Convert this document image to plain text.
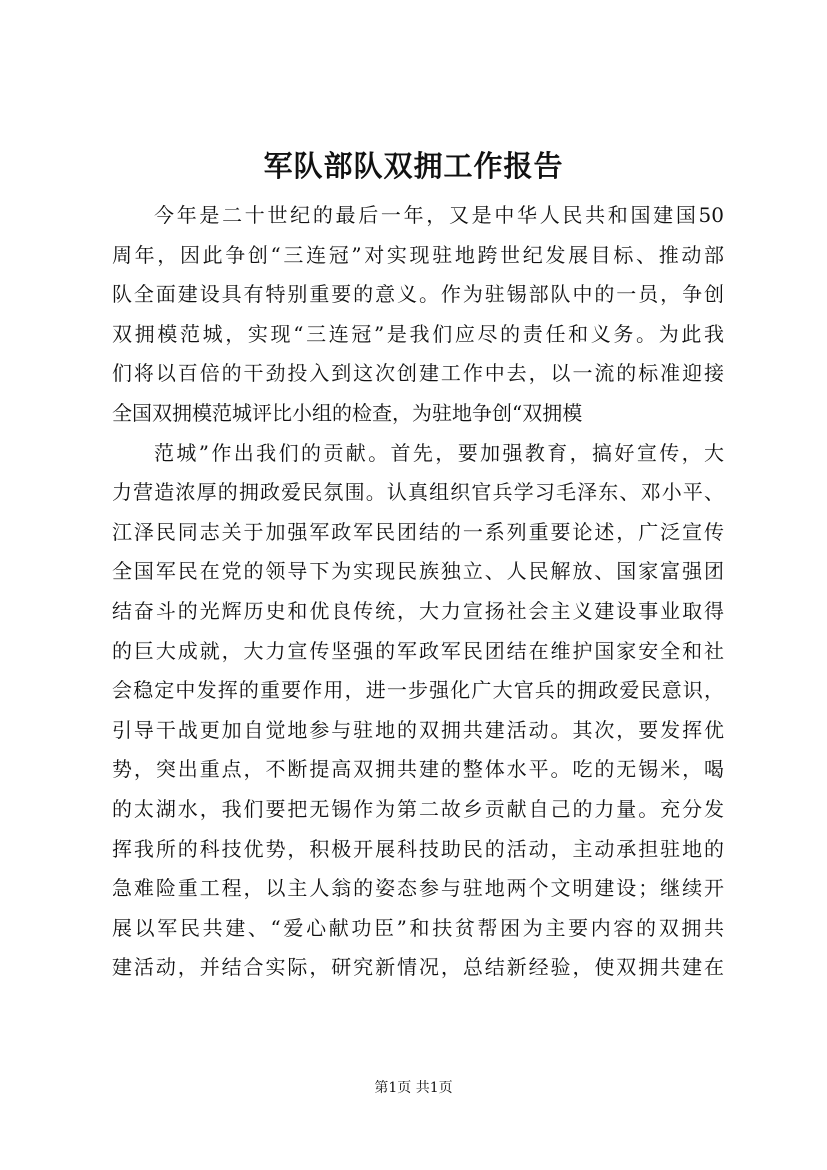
军队部队双拥工作报告
今年是二十世纪的最后一年，又是中华人民共和国建国50
周年，因此争创“三连冠”对实现驻地跨世纪发展目标、推动部
队全面建设具有特别重要的意义。作为驻锡部队中的一员，争创
双拥模范城，实现“三连冠”是我们应尽的责任和义务。为此我
们将以百倍的干劲投入到这次创建工作中去，以一流的标准迎接
全国双拥模范城评比小组的检查，为驻地争创“双拥模
范城”作出我们的贡献。首先，要加强教育，搞好宣传，大
力营造浓厚的拥政爱民氛围。认真组织官兵学习毛泽东、邓小平、
江泽民同志关于加强军政军民团结的一系列重要论述，广泛宣传
全国军民在党的领导下为实现民族独立、人民解放、国家富强团
结奋斗的光辉历史和优良传统，大力宣扬社会主义建设事业取得
的巨大成就，大力宣传坚强的军政军民团结在维护国家安全和社
会稳定中发挥的重要作用，进一步强化广大官兵的拥政爱民意识，
引导干战更加自觉地参与驻地的双拥共建活动。其次，要发挥优
势，突出重点，不断提高双拥共建的整体水平。吃的无锡米，喝
的太湖水，我们要把无锡作为第二故乡贡献自己的力量。充分发
挥我所的科技优势，积极开展科技助民的活动，主动承担驻地的
急难险重工程，以主人翁的姿态参与驻地两个文明建设；继续开
展以军民共建、“爱心献功臣”和扶贫帮困为主要内容的双拥共
建活动，并结合实际，研究新情况，总结新经验，使双拥共建在
第1页 共1页
